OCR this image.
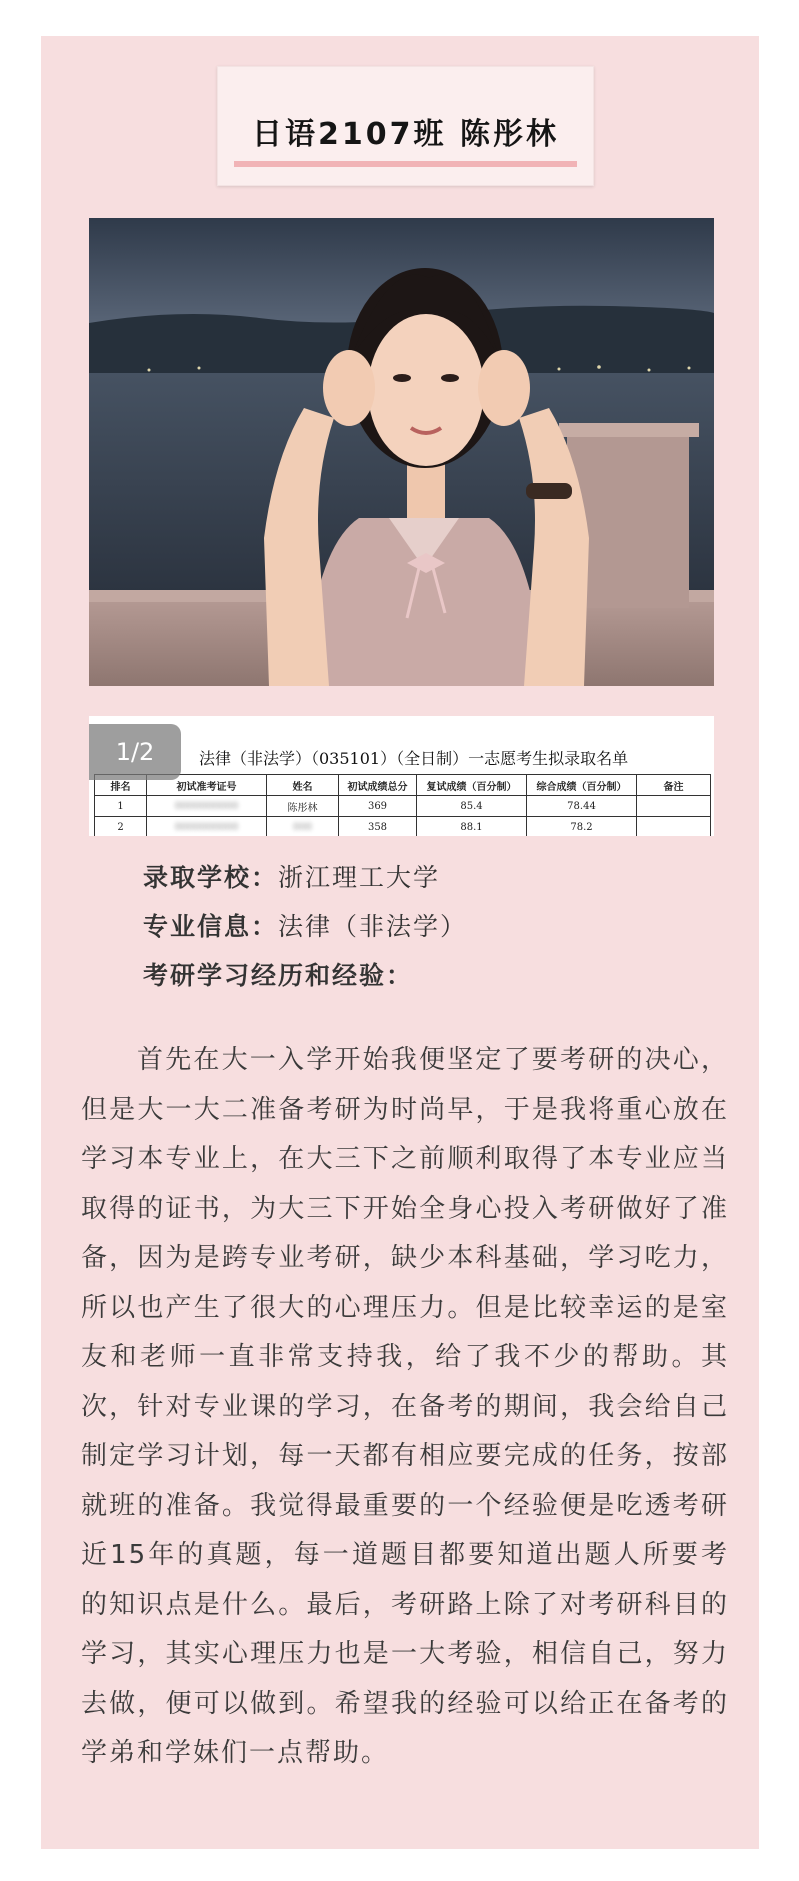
日语2107班 陈彤林
法律（非法学）（035101）（全日制）一志愿考生拟录取名单
排名	初试准考证号	姓名	初试成绩总分	复试成绩（百分制）	综合成绩（百分制）	备注
1	0000000000	陈彤林	369	85.4	78.44	
2	0000000000	000	358	88.1	78.2	
1/2
录取学校：浙江理工大学
专业信息：法律（非法学）
考研学习经历和经验：

首先在大一入学开始我便坚定了要考研的决心，但是大一大二准备考研为时尚早，于是我将重心放在学习本专业上，在大三下之前顺利取得了本专业应当取得的证书，为大三下开始全身心投入考研做好了准备，因为是跨专业考研，缺少本科基础，学习吃力，所以也产生了很大的心理压力。但是比较幸运的是室友和老师一直非常支持我，给了我不少的帮助。其次，针对专业课的学习，在备考的期间，我会给自己制定学习计划，每一天都有相应要完成的任务，按部就班的准备。我觉得最重要的一个经验便是吃透考研近15年的真题，每一道题目都要知道出题人所要考的知识点是什么。最后，考研路上除了对考研科目的学习，其实心理压力也是一大考验，相信自己，努力去做，便可以做到。希望我的经验可以给正在备考的学弟和学妹们一点帮助。
